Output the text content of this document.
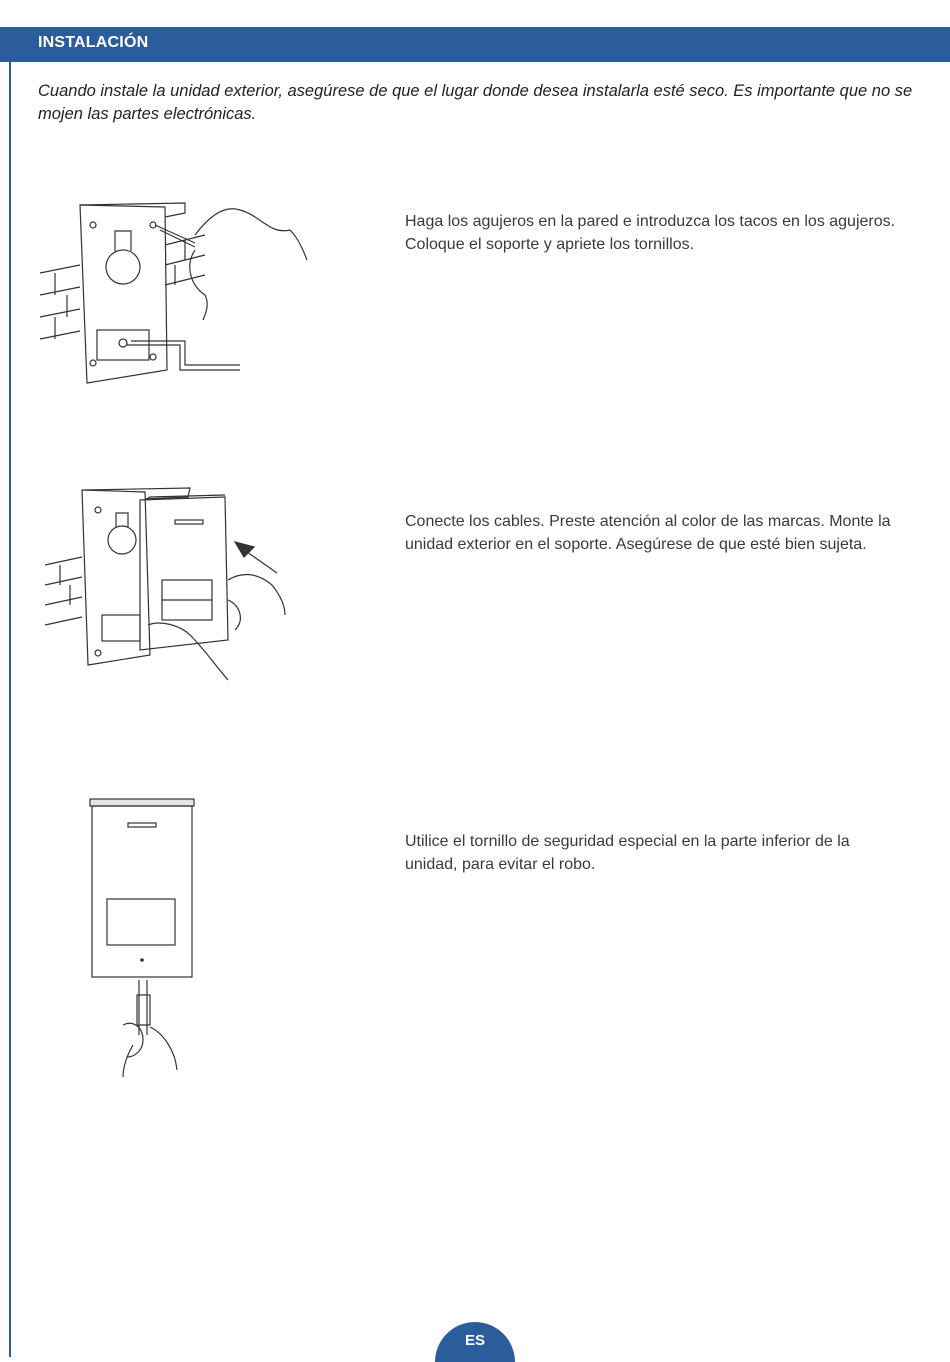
INSTALACIÓN

Cuando instale la unidad exterior, asegúrese de que el lugar donde desea instalarla esté seco. Es importante que no se mojen las partes electrónicas.

Haga los agujeros en la pared e introduzca los tacos en los agujeros. Coloque el soporte y apriete los tornillos.

Conecte los cables. Preste atención al color de las marcas. Monte la unidad exterior en el soporte. Asegúrese de que esté bien sujeta.

Utilice el tornillo de seguridad especial en la parte inferior de la unidad, para evitar el robo.

ES
